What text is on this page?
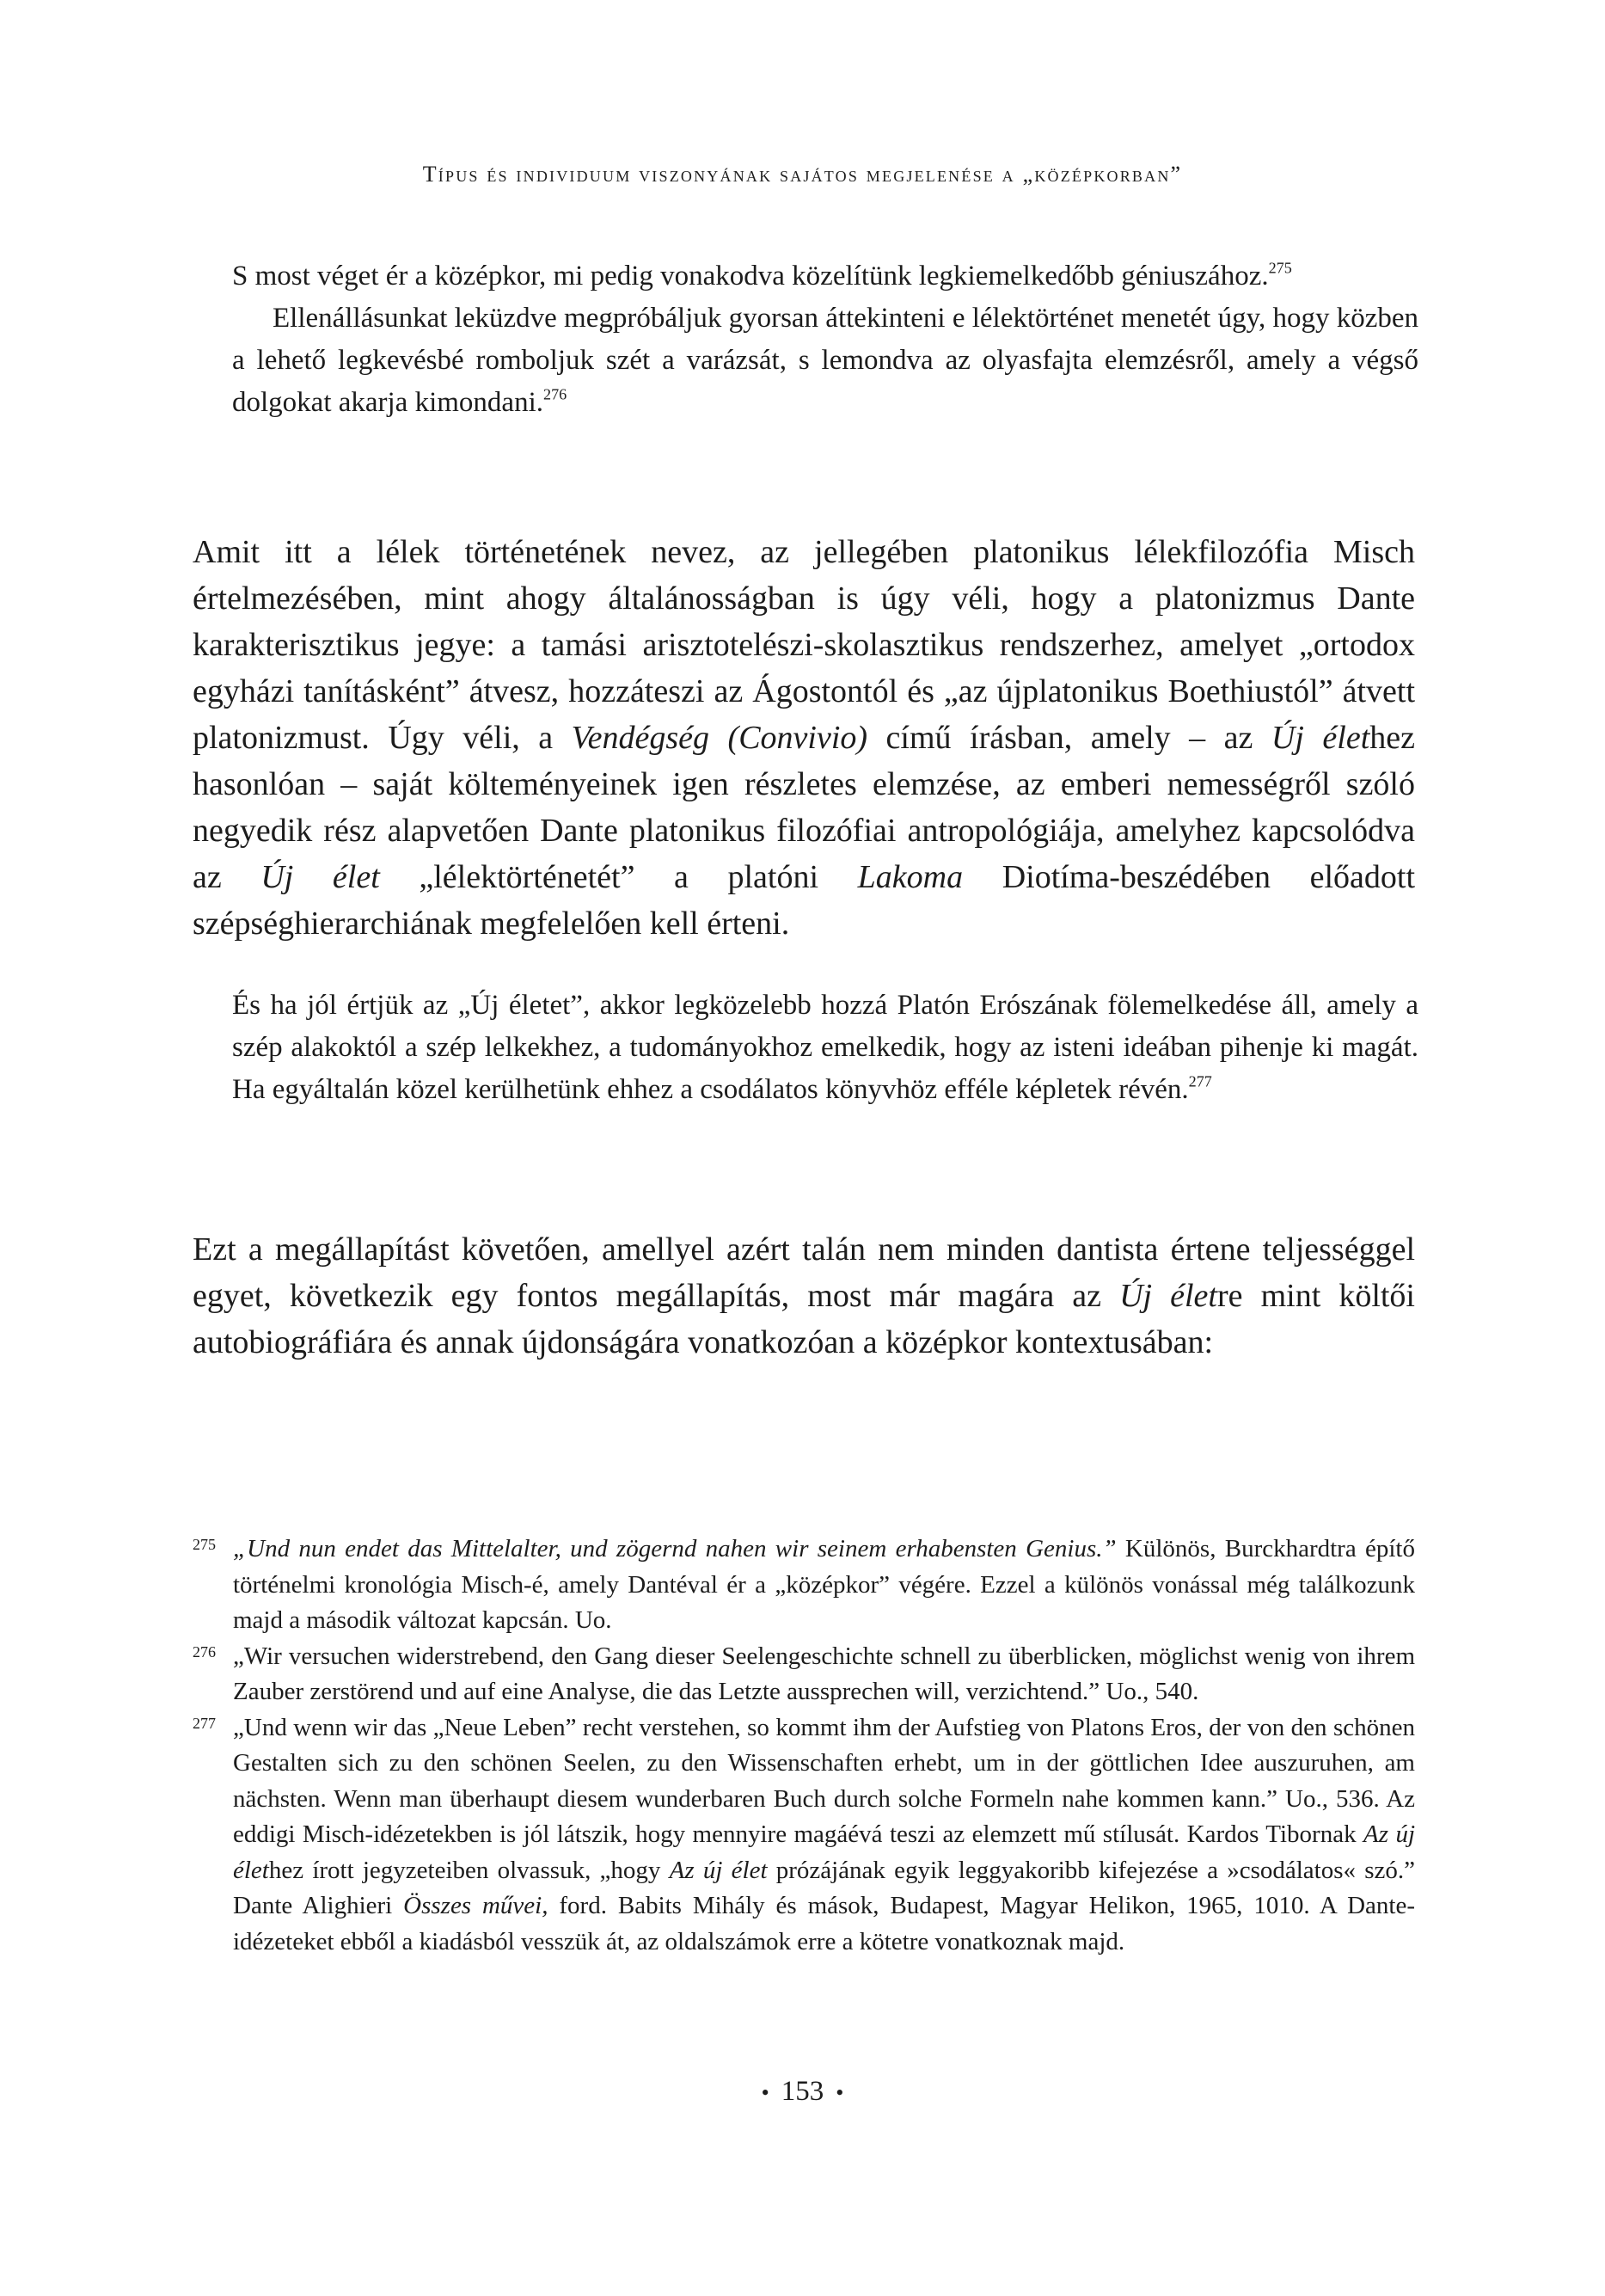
Típus és individuum viszonyának sajátos megjelenése a „középkorban”

S most véget ér a középkor, mi pedig vonakodva közelítünk legkiemelkedőbb géniuszához.$^{275}$

Ellenállásunkat leküzdve megpróbáljuk gyorsan áttekinteni e lélektörténet menetét úgy, hogy közben a lehető legkevésbé romboljuk szét a varázsát, s lemondva az olyasfajta elemzésről, amely a végső dolgokat akarja kimondani.$^{276}$

Amit itt a lélek történetének nevez, az jellegében platonikus lélekfilozófia Misch értelmezésében, mint ahogy általánosságban is úgy véli, hogy a platonizmus Dante karakterisztikus jegye: a tamási arisztotelészi-skolasztikus rendszerhez, amelyet „ortodox egyházi tanításként” átvesz, hozzáteszi az Ágostontól és „az újplatonikus Boethiustól” átvett platonizmust. Úgy véli, a Vendégség (Convivio) című írásban, amely – az Új élethez hasonlóan – saját költeményeinek igen részletes elemzése, az emberi nemességről szóló negyedik rész alapvetően Dante platonikus filozófiai antropológiája, amelyhez kapcsolódva az Új élet „lélektörténetét” a platóni Lakoma Diotíma-beszédében előadott szépséghierarchiának megfelelően kell érteni.

És ha jól értjük az „Új életet”, akkor legközelebb hozzá Platón Erószának fölemelkedése áll, amely a szép alakoktól a szép lelkekhez, a tudományokhoz emelkedik, hogy az isteni ideában pihenje ki magát. Ha egyáltalán közel kerülhetünk ehhez a csodálatos könyvhöz efféle képletek révén.$^{277}$

Ezt a megállapítást követően, amellyel azért talán nem minden dantista értene teljességgel egyet, következik egy fontos megállapítás, most már magára az Új életre mint költői autobiográfiára és annak újdonságára vonatkozóan a középkor kontextusában:

275 „Und nun endet das Mittelalter, und zögernd nahen wir seinem erhabensten Genius.” Különös, Burckhardtra építő történelmi kronológia Misch-é, amely Dantéval ér a „középkor” végére. Ezzel a különös vonással még találkozunk majd a második változat kapcsán. Uo.
276 „Wir versuchen widerstrebend, den Gang dieser Seelengeschichte schnell zu überblicken, möglichst wenig von ihrem Zauber zerstörend und auf eine Analyse, die das Letzte aussprechen will, verzichtend.” Uo., 540.
277 „Und wenn wir das „Neue Leben” recht verstehen, so kommt ihm der Aufstieg von Platons Eros, der von den schönen Gestalten sich zu den schönen Seelen, zu den Wissenschaften erhebt, um in der göttlichen Idee auszuruhen, am nächsten. Wenn man überhaupt diesem wunderbaren Buch durch solche Formeln nahe kommen kann.” Uo., 536. Az eddigi Misch-idézetekben is jól látszik, hogy mennyire magáévá teszi az elemzett mű stílusát. Kardos Tibornak Az új élethez írott jegyzeteiben olvassuk, „hogy Az új élet prózájának egyik leggyakoribb kifejezése a »csodálatos« szó.” Dante Alighieri Összes művei, ford. Babits Mihály és mások, Budapest, Magyar Helikon, 1965, 1010. A Dante-idézeteket ebből a kiadásból vesszük át, az oldalszámok erre a kötetre vonatkoznak majd.
• 153 •
